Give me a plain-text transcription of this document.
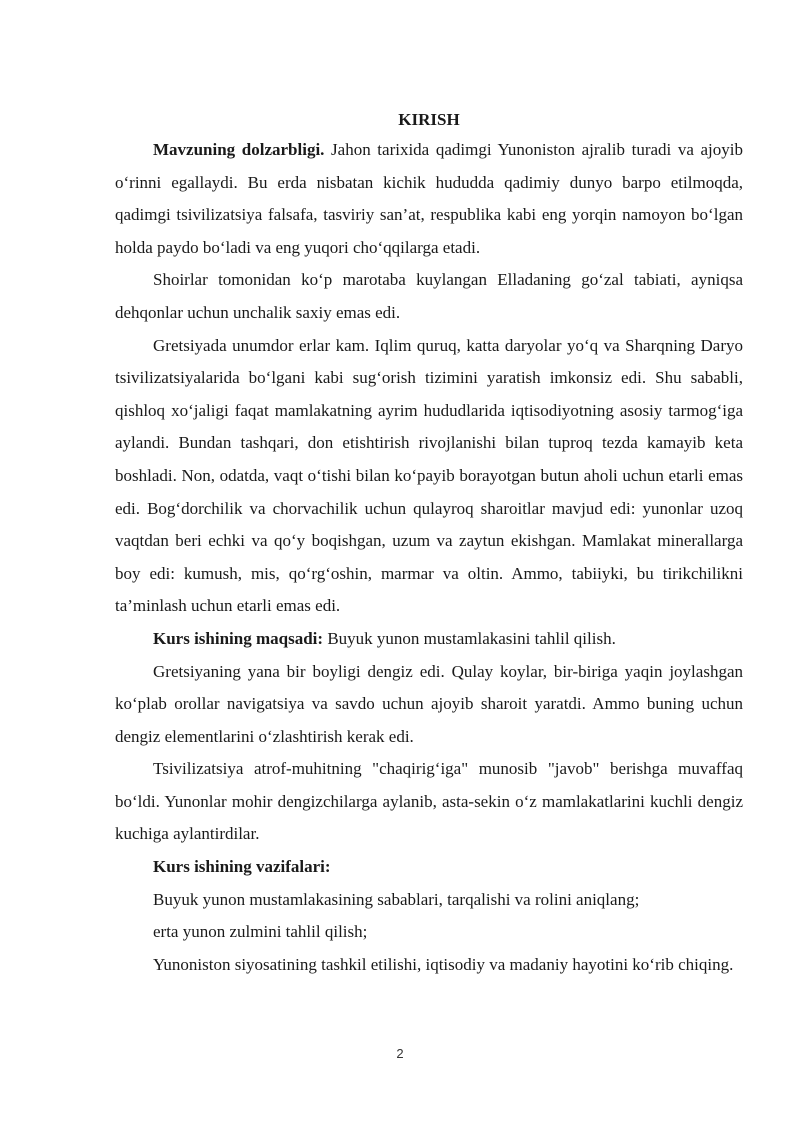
KIRISH

Mavzuning dolzarbligi. Jahon tarixida qadimgi Yunoniston ajralib turadi va ajoyib o‘rinni egallaydi. Bu erda nisbatan kichik hududda qadimiy dunyo barpo etilmoqda, qadimgi tsivilizatsiya falsafa, tasviriy san’at, respublika kabi eng yorqin namoyon bo‘lgan holda paydo bo‘ladi va eng yuqori cho‘qqilarga etadi.

Shoirlar tomonidan ko‘p marotaba kuylangan Elladaning go‘zal tabiati, ayniqsa dehqonlar uchun unchalik saxiy emas edi.

Gretsiyada unumdor erlar kam. Iqlim quruq, katta daryolar yo‘q va Sharqning Daryo tsivilizatsiyalarida bo‘lgani kabi sug‘orish tizimini yaratish imkonsiz edi. Shu sababli, qishloq xo‘jaligi faqat mamlakatning ayrim hududlarida iqtisodiyotning asosiy tarmog‘iga aylandi. Bundan tashqari, don etishtirish rivojlanishi bilan tuproq tezda kamayib keta boshladi. Non, odatda, vaqt o‘tishi bilan ko‘payib borayotgan butun aholi uchun etarli emas edi. Bog‘dorchilik va chorvachilik uchun qulayroq sharoitlar mavjud edi: yunonlar uzoq vaqtdan beri echki va qo‘y boqishgan, uzum va zaytun ekishgan. Mamlakat minerallarga boy edi: kumush, mis, qo‘rg‘oshin, marmar va oltin. Ammo, tabiiyki, bu tirikchilikni ta’minlash uchun etarli emas edi.

Kurs ishining maqsadi: Buyuk yunon mustamlakasini tahlil qilish.

Gretsiyaning yana bir boyligi dengiz edi. Qulay koylar, bir-biriga yaqin joylashgan ko‘plab orollar navigatsiya va savdo uchun ajoyib sharoit yaratdi. Ammo buning uchun dengiz elementlarini o‘zlashtirish kerak edi.

Tsivilizatsiya atrof-muhitning "chaqirig‘iga" munosib "javob" berishga muvaffaq bo‘ldi. Yunonlar mohir dengizchilarga aylanib, asta-sekin o‘z mamlakatlarini kuchli dengiz kuchiga aylantirdilar.

Kurs ishining vazifalari:

Buyuk yunon mustamlakasining sabablari, tarqalishi va rolini aniqlang;

erta yunon zulmini tahlil qilish;

Yunoniston siyosatining tashkil etilishi, iqtisodiy va madaniy hayotini ko‘rib chiqing.

2
